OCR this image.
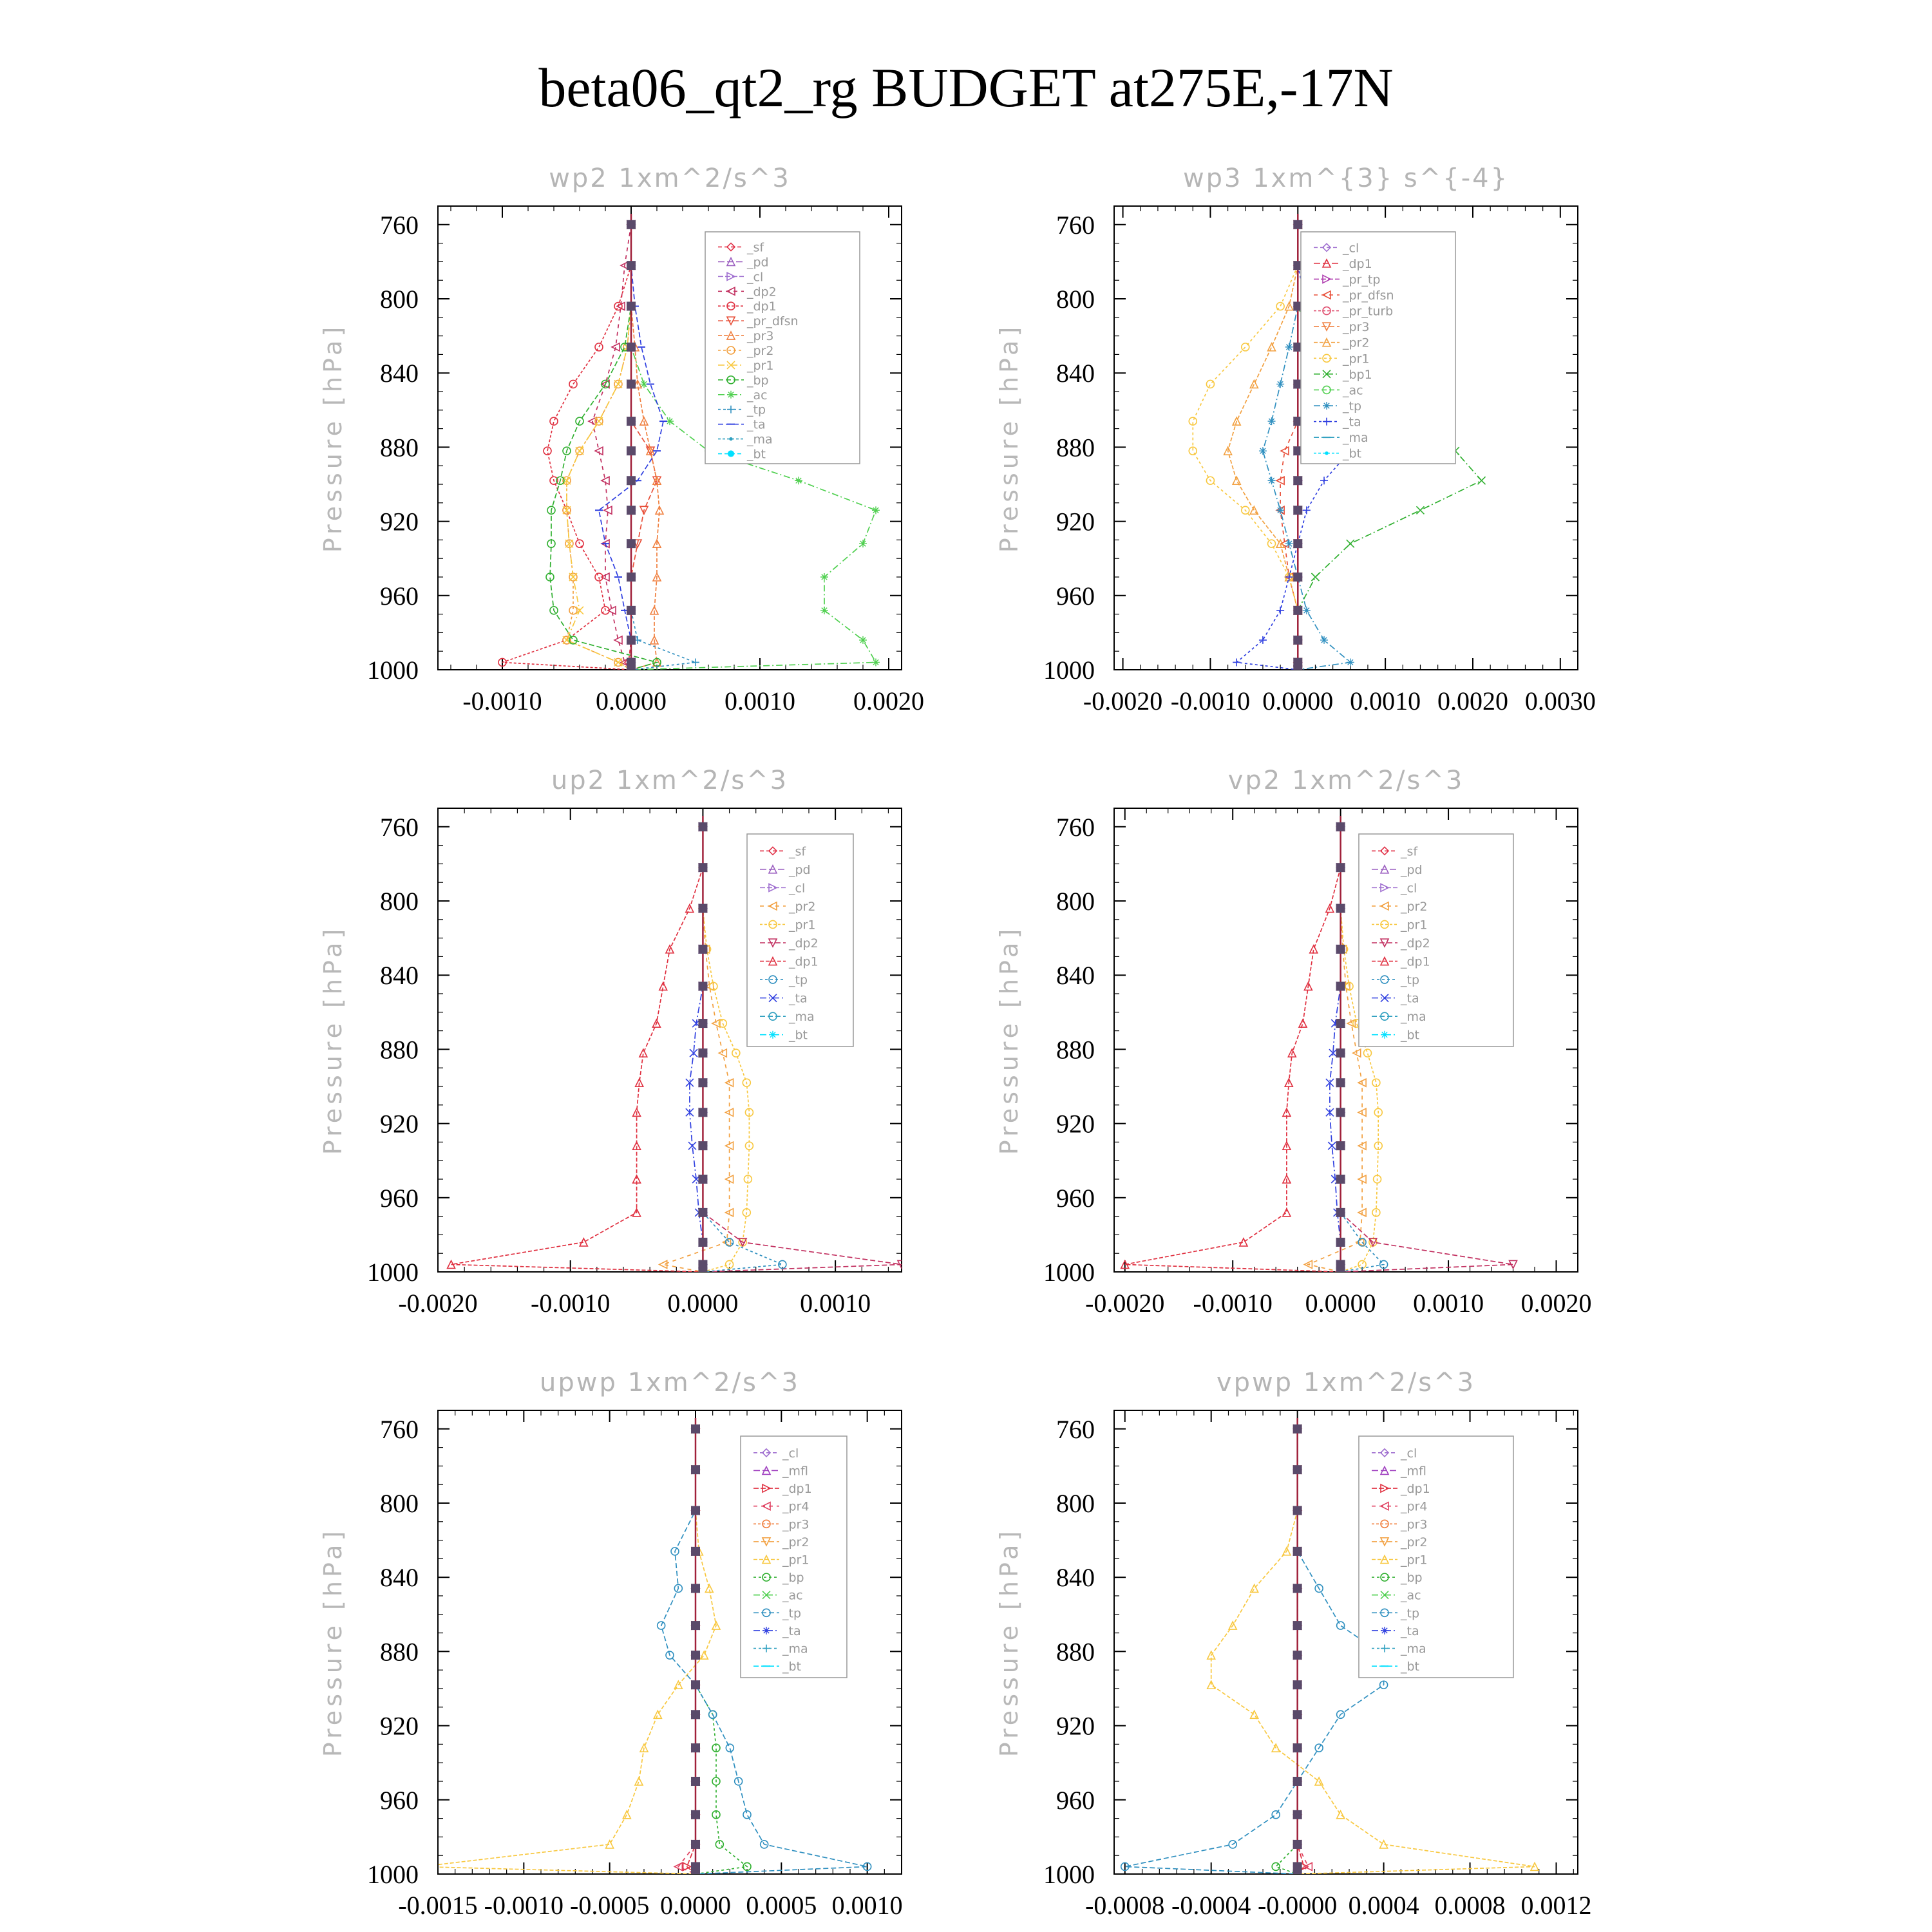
beta06_qt2_rg BUDGET at275E,-17N
wp2 1xm^2/s^3
Pressure [hPa]
760
800
840
880
920
960
1000
-0.0010 0.0000 0.0010 0.0020
_sf
_pd
_cl
_dp2
_dp1
_pr_dfsn
_pr3
_pr2
_pr1
_bp
_ac
_tp
_ta
_ma
_bt
wp3 1xm^{3} s^{-4}
Pressure [hPa]
760
800
840
880
920
960
1000
-0.0020 -0.0010 0.0000 0.0010 0.0020 0.0030
_cl
_dp1
_pr_tp
_pr_dfsn
_pr_turb
_pr3
_pr2
_pr1
_bp1
_ac
_tp
_ta
_ma
_bt
up2 1xm^2/s^3
Pressure [hPa]
760
800
840
880
920
960
1000
-0.0020 -0.0010 0.0000 0.0010
_sf
_pd
_cl
_pr2
_pr1
_dp2
_dp1
_tp
_ta
_ma
_bt
vp2 1xm^2/s^3
Pressure [hPa]
760
800
840
880
920
960
1000
-0.0020 -0.0010 0.0000 0.0010 0.0020
_sf
_pd
_cl
_pr2
_pr1
_dp2
_dp1
_tp
_ta
_ma
_bt
upwp 1xm^2/s^3
Pressure [hPa]
760
800
840
880
920
960
1000
-0.0015 -0.0010 -0.0005 0.0000 0.0005 0.0010
_cl
_mfl
_dp1
_pr4
_pr3
_pr2
_pr1
_bp
_ac
_tp
_ta
_ma
_bt
vpwp 1xm^2/s^3
Pressure [hPa]
760
800
840
880
920
960
1000
-0.0008 -0.0004 -0.0000 0.0004 0.0008 0.0012
_cl
_mfl
_dp1
_pr4
_pr3
_pr2
_pr1
_bp
_ac
_tp
_ta
_ma
_bt
